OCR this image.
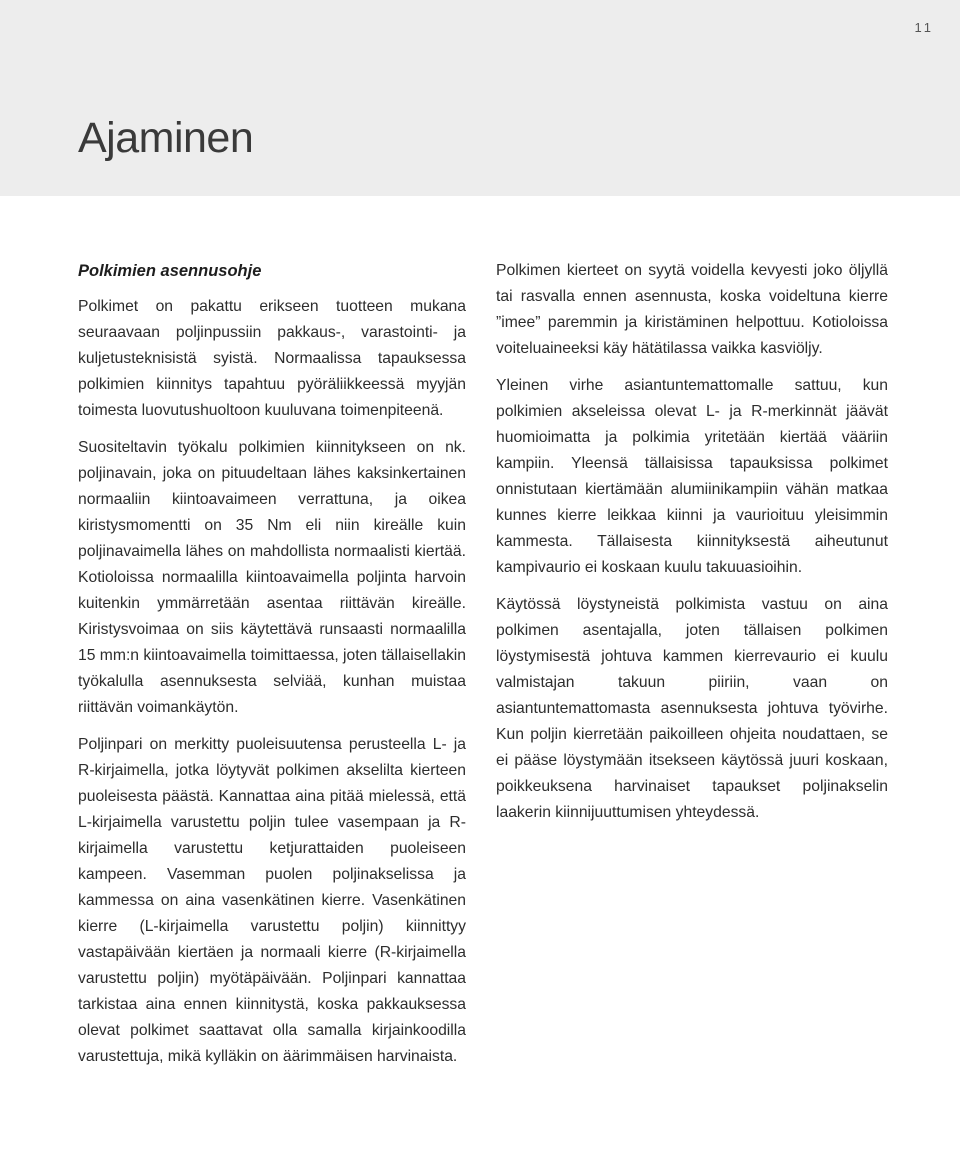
11
Ajaminen
Polkimien asennusohje

Polkimet on pakattu erikseen tuotteen mukana seuraavaan poljinpussiin pakkaus-, varastointi- ja kuljetusteknisistä syistä. Normaalissa tapauksessa polkimien kiinnitys tapahtuu pyöräliikkeessä myyjän toimesta luovutushuoltoon kuuluvana toimenpiteenä.

Suositeltavin työkalu polkimien kiinnitykseen on nk. poljinavain, joka on pituudeltaan lähes kaksinkertainen normaaliin kiintoavaimeen verrattuna, ja oikea kiristysmomentti on 35 Nm eli niin kireälle kuin poljinavaimella lähes on mahdollista normaalisti kiertää. Kotioloissa normaalilla kiintoavaimella poljinta harvoin kuitenkin ymmärretään asentaa riittävän kireälle. Kiristysvoimaa on siis käytettävä runsaasti normaalilla 15 mm:n kiintoavaimella toimittaessa, joten tällaisellakin työkalulla asennuksesta selviää, kunhan muistaa riittävän voimankäytön.

Poljinpari on merkitty puoleisuutensa perusteella L- ja R-kirjaimella, jotka löytyvät polkimen akselilta kierteen puoleisesta päästä. Kannattaa aina pitää mielessä, että L-kirjaimella varustettu poljin tulee vasempaan ja R-kirjaimella varustettu ketjurattaiden puoleiseen kampeen. Vasemman puolen poljinakselissa ja kammessa on aina vasenkätinen kierre. Vasenkätinen kierre (L-kirjaimella varustettu poljin) kiinnittyy vastapäivään kiertäen ja normaali kierre (R-kirjaimella varustettu poljin) myötäpäivään. Poljinpari kannattaa tarkistaa aina ennen kiinnitystä, koska pakkauksessa olevat polkimet saattavat olla samalla kirjainkoodilla varustettuja, mikä kylläkin on äärimmäisen harvinaista.

Polkimen kierteet on syytä voidella kevyesti joko öljyllä tai rasvalla ennen asennusta, koska voideltuna kierre ”imee” paremmin ja kiristäminen helpottuu. Kotioloissa voiteluaineeksi käy hätätilassa vaikka kasviöljy.

Yleinen virhe asiantuntemattomalle sattuu, kun polkimien akseleissa olevat L- ja R-merkinnät jäävät huomioimatta ja polkimia yritetään kiertää vääriin kampiin. Yleensä tällaisissa tapauksissa polkimet onnistutaan kiertämään alumiinikampiin vähän matkaa kunnes kierre leikkaa kiinni ja vaurioituu yleisimmin kammesta. Tällaisesta kiinnityksestä aiheutunut kampivaurio ei koskaan kuulu takuuasioihin.

Käytössä löystyneistä polkimista vastuu on aina polkimen asentajalla, joten tällaisen polkimen löystymisestä johtuva kammen kierrevaurio ei kuulu valmistajan takuun piiriin, vaan on asiantuntemattomasta asennuksesta johtuva työvirhe. Kun poljin kierretään paikoilleen ohjeita noudattaen, se ei pääse löystymään itsekseen käytössä juuri koskaan, poikkeuksena harvinaiset tapaukset poljinakselin laakerin kiinnijuuttumisen yhteydessä.
